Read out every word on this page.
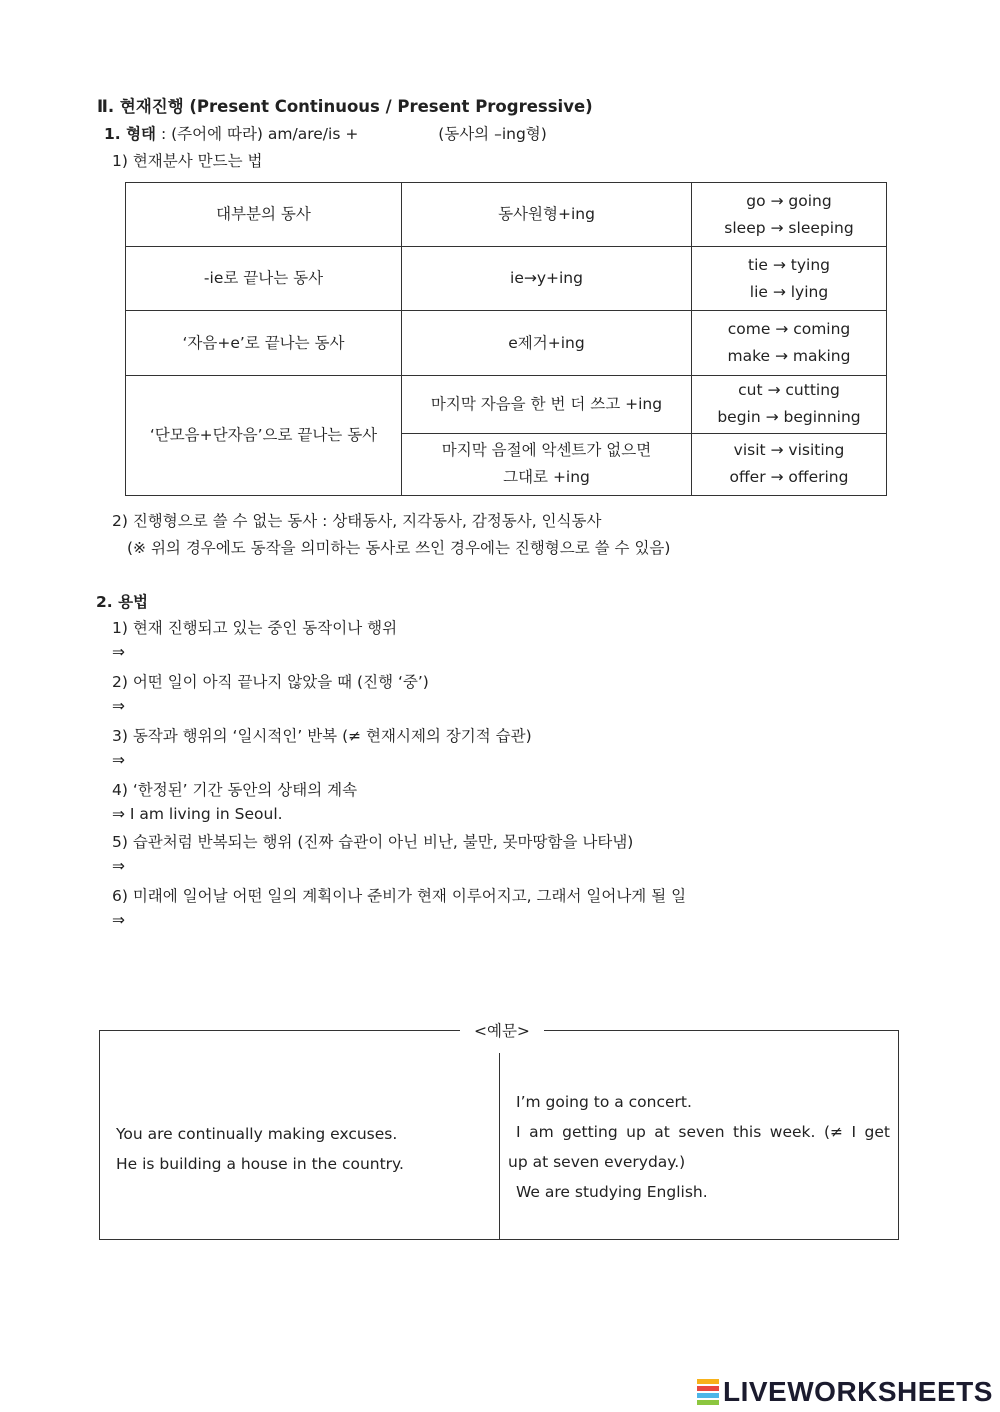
Ⅱ. 현재진행 (Present Continuous / Present Progressive)
1. 형태 : (주어에 따라) am/are/is +	(동사의 –ing형)
1) 현재분사 만드는 법
대부분의 동사	동사원형+ing	go → going
sleep → sleeping

-ie로 끝나는 동사	ie→y+ing	tie → tying
lie → lying

‘자음+e’로 끝나는 동사	e제거+ing	come → coming
make → making

‘단모음+단자음’으로 끝나는 동사	마지막 자음을 한 번 더 쓰고 +ing	cut → cutting
begin → beginning

	마지막 음절에 악센트가 없으면
그대로 +ing	visit → visiting
offer → offering
2) 진행형으로 쓸 수 없는 동사 : 상태동사, 지각동사, 감정동사, 인식동사
(※ 위의 경우에도 동작을 의미하는 동사로 쓰인 경우에는 진행형으로 쓸 수 있음)
2. 용법
1) 현재 진행되고 있는 중인 동작이나 행위
⇒
2) 어떤 일이 아직 끝나지 않았을 때 (진행 ‘중’)
⇒
3) 동작과 행위의 ‘일시적인’ 반복 (≠ 현재시제의 장기적 습관)
⇒
4) ‘한정된’ 기간 동안의 상태의 계속
⇒ I am living in Seoul.
5) 습관처럼 반복되는 행위 (진짜 습관이 아닌 비난, 불만, 못마땅함을 나타냄)
⇒
6) 미래에 일어날 어떤 일의 계획이나 준비가 현재 이루어지고, 그래서 일어나게 될 일
⇒
You are continually making excuses.
He is building a house in the country.
I’m going to a concert.
I am getting up at seven this week. (≠ I get
up at seven everyday.)
We are studying English.
<예문>
LIVEWORKSHEETS
